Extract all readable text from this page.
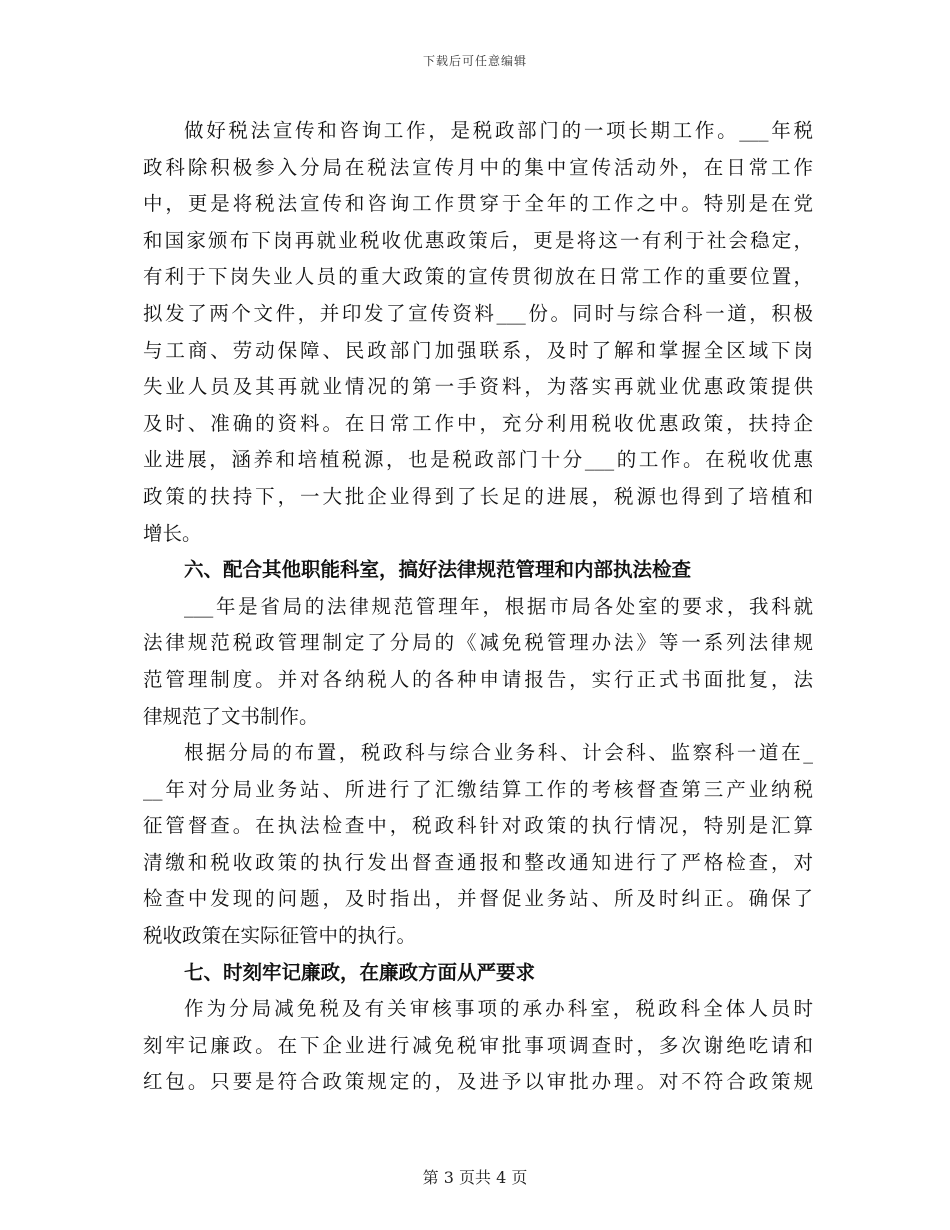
下载后可任意编辑
做好税法宣传和咨询工作，是税政部门的一项长期工作。___年税
政科除积极参入分局在税法宣传月中的集中宣传活动外，在日常工作
中，更是将税法宣传和咨询工作贯穿于全年的工作之中。特别是在党
和国家颁布下岗再就业税收优惠政策后，更是将这一有利于社会稳定，
有利于下岗失业人员的重大政策的宣传贯彻放在日常工作的重要位置，
拟发了两个文件，并印发了宣传资料___份。同时与综合科一道，积极
与工商、劳动保障、民政部门加强联系，及时了解和掌握全区域下岗
失业人员及其再就业情况的第一手资料，为落实再就业优惠政策提供
及时、准确的资料。在日常工作中，充分利用税收优惠政策，扶持企
业进展，涵养和培植税源，也是税政部门十分___的工作。在税收优惠
政策的扶持下，一大批企业得到了长足的进展，税源也得到了培植和
增长。
六、配合其他职能科室，搞好法律规范管理和内部执法检查
___年是省局的法律规范管理年，根据市局各处室的要求，我科就
法律规范税政管理制定了分局的《减免税管理办法》等一系列法律规
范管理制度。并对各纳税人的各种申请报告，实行正式书面批复，法
律规范了文书制作。
根据分局的布置，税政科与综合业务科、计会科、监察科一道在_
__年对分局业务站、所进行了汇缴结算工作的考核督查第三产业纳税
征管督查。在执法检查中，税政科针对政策的执行情况，特别是汇算
清缴和税收政策的执行发出督查通报和整改通知进行了严格检查，对
检查中发现的问题，及时指出，并督促业务站、所及时纠正。确保了
税收政策在实际征管中的执行。
七、时刻牢记廉政，在廉政方面从严要求
作为分局减免税及有关审核事项的承办科室，税政科全体人员时
刻牢记廉政。在下企业进行减免税审批事项调查时，多次谢绝吃请和
红包。只要是符合政策规定的，及进予以审批办理。对不符合政策规
第 3 页共 4 页
